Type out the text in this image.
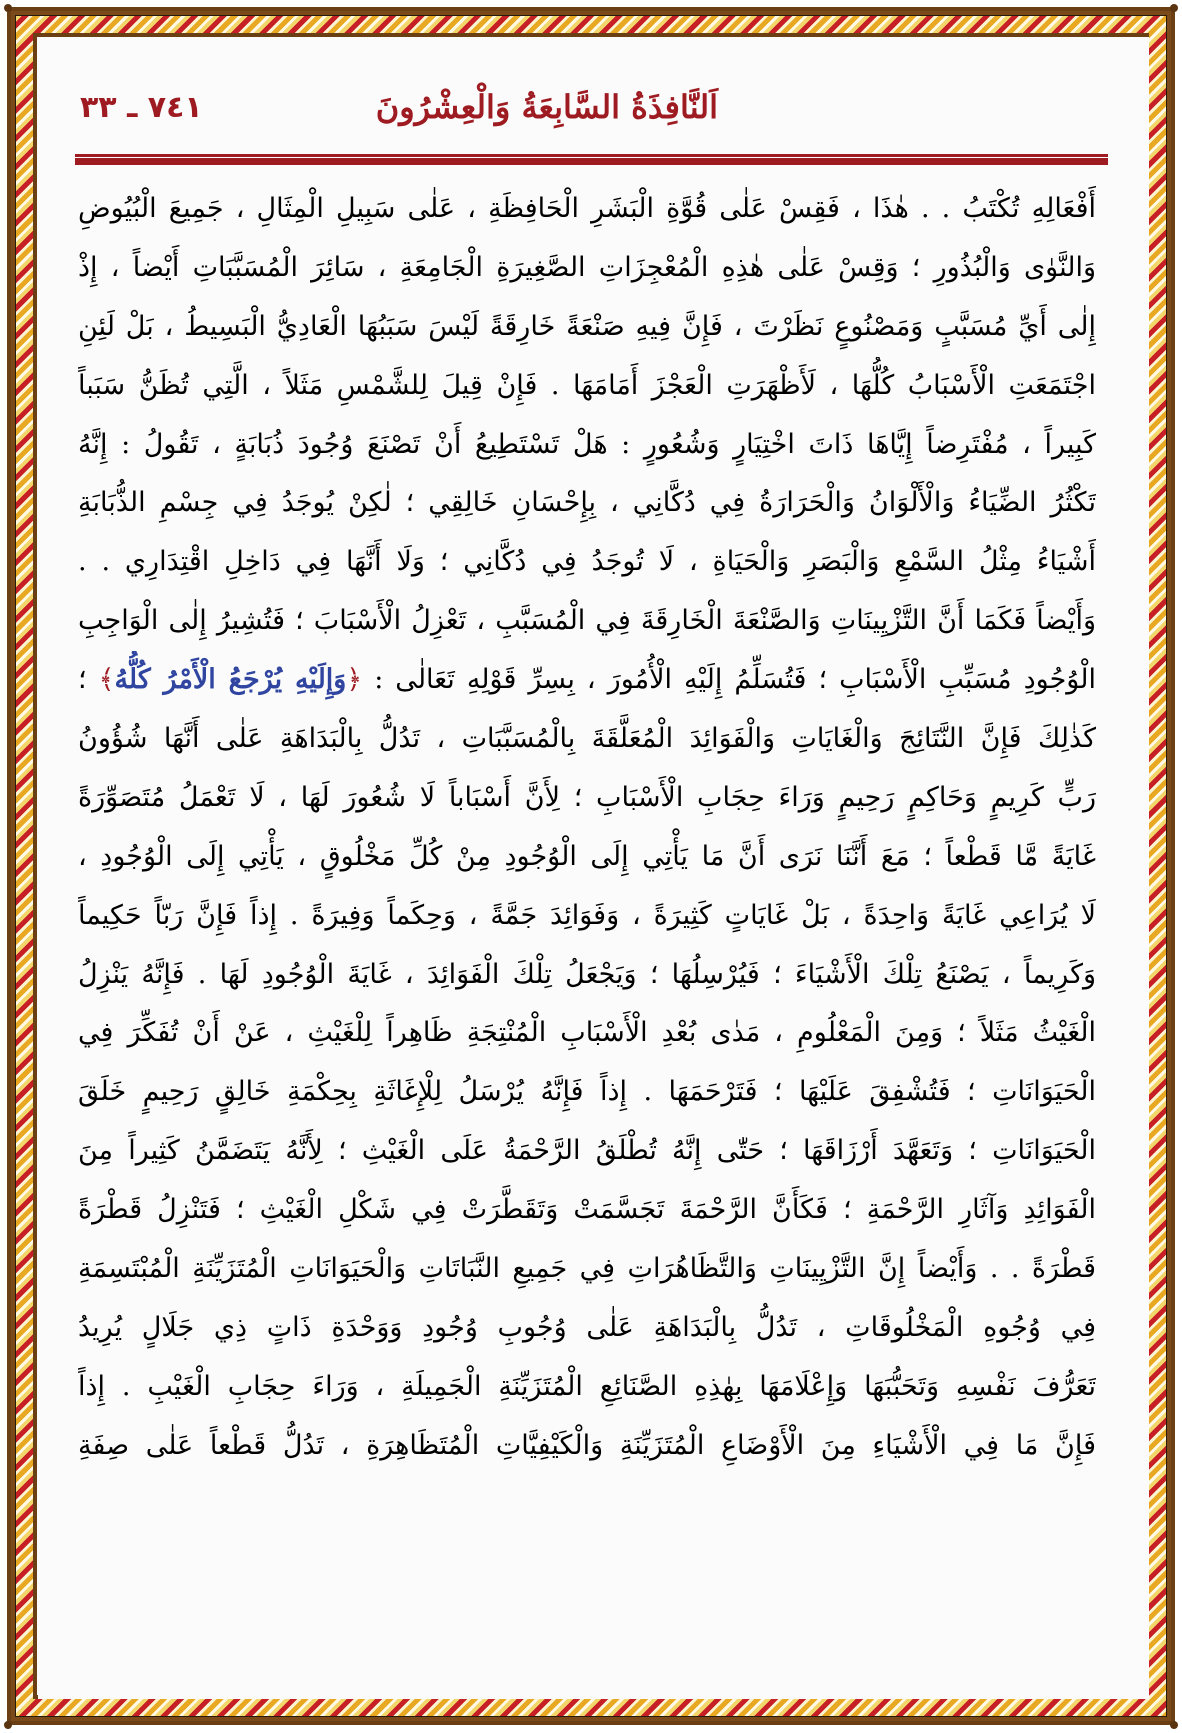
اَلنَّافِذَةُ السَّابِعَةُ وَالْعِشْرُونَ
٧٤١ ـ ٣٣
أَفْعَالِهِ تُكْتَبُ . . هٰذَا ، فَقِسْ عَلٰى قُوَّةِ الْبَشَرِ الْحَافِظَةِ ، عَلٰى سَبِيلِ الْمِثَالِ ، جَمِيعَ الْبُيُوضِ
وَالنَّوٰى وَالْبُذُورِ ؛ وَقِسْ عَلٰى هٰذِهِ الْمُعْجِزَاتِ الصَّغِيرَةِ الْجَامِعَةِ ، سَائِرَ الْمُسَبَّبَاتِ أَيْضاً ، إِذْ
إِلٰى أَيِّ مُسَبَّبٍ وَمَصْنُوعٍ نَظَرْتَ ، فَإِنَّ فِيهِ صَنْعَةً خَارِقَةً لَيْسَ سَبَبُهَا الْعَادِيُّ الْبَسِيطُ ، بَلْ لَئِنِ
اجْتَمَعَتِ الْأَسْبَابُ كُلُّهَا ، لَأَظْهَرَتِ الْعَجْزَ أَمَامَهَا . فَإِنْ قِيلَ لِلشَّمْسِ مَثَلاً ، الَّتِي تُظَنُّ سَبَباً
كَبِيراً ، مُفْتَرِضاً إِيَّاهَا ذَاتَ اخْتِيَارٍ وَشُعُورٍ : هَلْ تَسْتَطِيعُ أَنْ تَصْنَعَ وُجُودَ ذُبَابَةٍ ، تَقُولُ : إِنَّهُ
تَكْثُرُ الضِّيَاءُ وَالْأَلْوَانُ وَالْحَرَارَةُ فِي دُكَّانِي ، بِإِحْسَانِ خَالِقِي ؛ لٰكِنْ يُوجَدُ فِي جِسْمِ الذُّبَابَةِ
أَشْيَاءُ مِثْلُ السَّمْعِ وَالْبَصَرِ وَالْحَيَاةِ ، لَا تُوجَدُ فِي دُكَّانِي ؛ وَلَا أَنَّهَا فِي دَاخِلِ اقْتِدَارِي . .
وَأَيْضاً فَكَمَا أَنَّ التَّزْيِينَاتِ وَالصَّنْعَةَ الْخَارِقَةَ فِي الْمُسَبَّبِ ، تَعْزِلُ الْأَسْبَابَ ؛ فَتُشِيرُ إِلٰى الْوَاجِبِ
الْوُجُودِ مُسَبِّبِ الْأَسْبَابِ ؛ فَتُسَلِّمُ إِلَيْهِ الْأُمُورَ ، بِسِرِّ قَوْلِهِ تَعَالٰى : ﴿وَإِلَيْهِ يُرْجَعُ الْأَمْرُ كُلُّهُ﴾ ؛
كَذٰلِكَ فَإِنَّ النَّتَائِجَ وَالْغَايَاتِ وَالْفَوَائِدَ الْمُعَلَّقَةَ بِالْمُسَبَّبَاتِ ، تَدُلُّ بِالْبَدَاهَةِ عَلٰى أَنَّهَا شُؤُونُ
رَبٍّ كَرِيمٍ وَحَاكِمٍ رَحِيمٍ وَرَاءَ حِجَابِ الْأَسْبَابِ ؛ لِأَنَّ أَسْبَاباً لَا شُعُورَ لَهَا ، لَا تَعْمَلُ مُتَصَوِّرَةً
غَايَةً مَّا قَطْعاً ؛ مَعَ أَنَّنَا نَرَى أَنَّ مَا يَأْتِي إِلَى الْوُجُودِ مِنْ كُلِّ مَخْلُوقٍ ، يَأْتِي إِلَى الْوُجُودِ ،
لَا يُرَاعِي غَايَةً وَاحِدَةً ، بَلْ غَايَاتٍ كَثِيرَةً ، وَفَوَائِدَ جَمَّةً ، وَحِكَماً وَفِيرَةً . إِذاً فَإِنَّ رَبّاً حَكِيماً
وَكَرِيماً ، يَصْنَعُ تِلْكَ الْأَشْيَاءَ ؛ فَيُرْسِلُهَا ؛ وَيَجْعَلُ تِلْكَ الْفَوَائِدَ ، غَايَةَ الْوُجُودِ لَهَا . فَإِنَّهُ يَنْزِلُ
الْغَيْثُ مَثَلاً ؛ وَمِنَ الْمَعْلُومِ ، مَدٰى بُعْدِ الْأَسْبَابِ الْمُنْتِجَةِ ظَاهِراً لِلْغَيْثِ ، عَنْ أَنْ تُفَكِّرَ فِي
الْحَيَوَانَاتِ ؛ فَتُشْفِقَ عَلَيْهَا ؛ فَتَرْحَمَهَا . إِذاً فَإِنَّهُ يُرْسَلُ لِلْإِغَاثَةِ بِحِكْمَةِ خَالِقٍ رَحِيمٍ خَلَقَ
الْحَيَوَانَاتِ ؛ وَتَعَهَّدَ أَرْزَاقَهَا ؛ حَتّٰى إِنَّهُ تُطْلَقُ الرَّحْمَةُ عَلَى الْغَيْثِ ؛ لِأَنَّهُ يَتَضَمَّنُ كَثِيراً مِنَ
الْفَوَائِدِ وَآثَارِ الرَّحْمَةِ ؛ فَكَأَنَّ الرَّحْمَةَ تَجَسَّمَتْ وَتَقَطَّرَتْ فِي شَكْلِ الْغَيْثِ ؛ فَتَنْزِلُ قَطْرَةً
قَطْرَةً . . وَأَيْضاً إِنَّ التَّزْيِينَاتِ وَالتَّظَاهُرَاتِ فِي جَمِيعِ النَّبَاتَاتِ وَالْحَيَوَانَاتِ الْمُتَزَيِّنَةِ الْمُبْتَسِمَةِ
فِي وُجُوهِ الْمَخْلُوقَاتِ ، تَدُلُّ بِالْبَدَاهَةِ عَلٰى وُجُوبِ وُجُودِ وَوَحْدَةِ ذَاتٍ ذِي جَلَالٍ يُرِيدُ
تَعَرُّفَ نَفْسِهِ وَتَحَبُّبَهَا وَإِعْلَامَهَا بِهٰذِهِ الصَّنَائِعِ الْمُتَزَيِّنَةِ الْجَمِيلَةِ ، وَرَاءَ حِجَابِ الْغَيْبِ . إِذاً
فَإِنَّ مَا فِي الْأَشْيَاءِ مِنَ الْأَوْضَاعِ الْمُتَزَيِّنَةِ وَالْكَيْفِيَّاتِ الْمُتَظَاهِرَةِ ، تَدُلُّ قَطْعاً عَلٰى صِفَةِ
